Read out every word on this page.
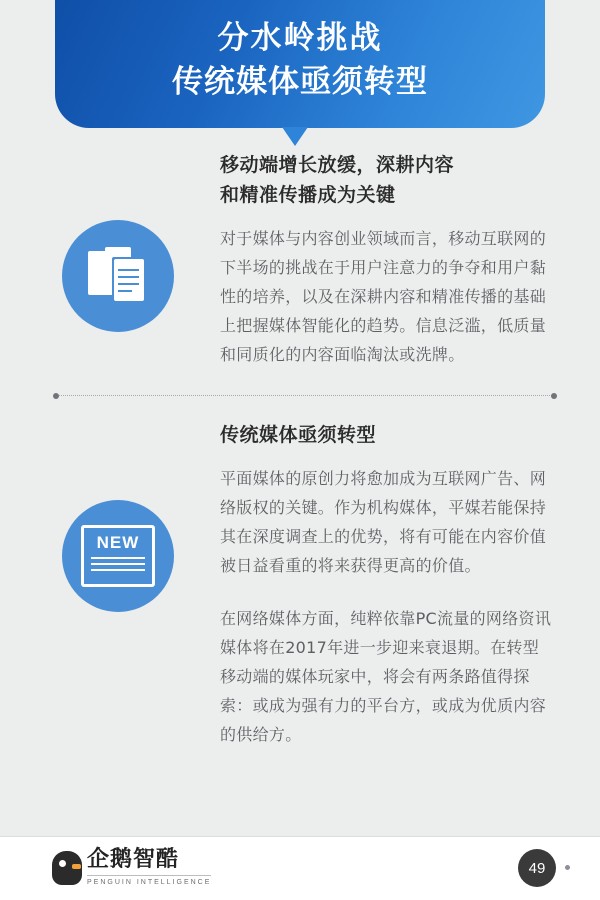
分水岭挑战
传统媒体亟须转型
移动端增长放缓，深耕内容
和精准传播成为关键

对于媒体与内容创业领域而言，移动互联网的下半场的挑战在于用户注意力的争夺和用户黏性的培养，以及在深耕内容和精准传播的基础上把握媒体智能化的趋势。信息泛滥，低质量和同质化的内容面临淘汰或洗牌。

NEW
传统媒体亟须转型

平面媒体的原创力将愈加成为互联网广告、网络版权的关键。作为机构媒体，平媒若能保持其在深度调查上的优势，将有可能在内容价值被日益看重的将来获得更高的价值。

在网络媒体方面，纯粹依靠PC流量的网络资讯媒体将在2017年进一步迎来衰退期。在转型移动端的媒体玩家中，将会有两条路值得探索：或成为强有力的平台方，或成为优质内容的供给方。

企鹅智酷
PENGUIN INTELLIGENCE
49
